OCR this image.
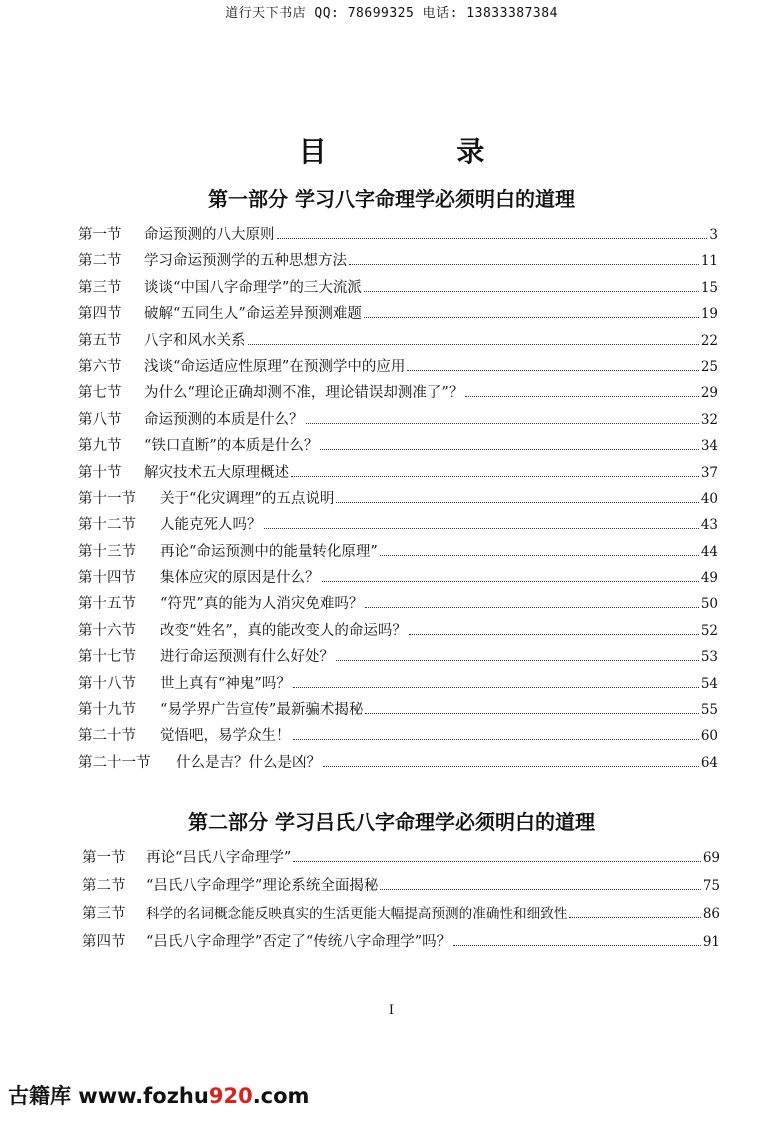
道行天下书店 QQ: 78699325 电话: 13833387384
目 录
第一部分 学习八字命理学必须明白的道理
第一节	命运预测的八大原则	3
第二节	学习命运预测学的五种思想方法	11
第三节	谈谈“中国八字命理学”的三大流派	15
第四节	破解“五同生人”命运差异预测难题	19
第五节	八字和风水关系	22
第六节	浅谈“命运适应性原理”在预测学中的应用	25
第七节	为什么“理论正确却测不准，理论错误却测准了”？	29
第八节	命运预测的本质是什么？	32
第九节	“铁口直断”的本质是什么？	34
第十节	解灾技术五大原理概述	37
第十一节	关于“化灾调理”的五点说明	40
第十二节	人能克死人吗？	43
第十三节	再论“命运预测中的能量转化原理”	44
第十四节	集体应灾的原因是什么？	49
第十五节	“符咒”真的能为人消灾免难吗？	50
第十六节	改变“姓名”，真的能改变人的命运吗？	52
第十七节	进行命运预测有什么好处？	53
第十八节	世上真有“神鬼”吗？	54
第十九节	“易学界广告宣传”最新骗术揭秘	55
第二十节	觉悟吧，易学众生！	60
第二十一节	什么是吉？什么是凶？	64
第二部分 学习吕氏八字命理学必须明白的道理
第一节	再论“吕氏八字命理学”	69
第二节	“吕氏八字命理学”理论系统全面揭秘	75
第三节	科学的名词概念能反映真实的生活更能大幅提高预测的准确性和细致性	86
第四节	“吕氏八字命理学”否定了“传统八字命理学”吗？	91
I
古籍库 www.fozhu920.com
